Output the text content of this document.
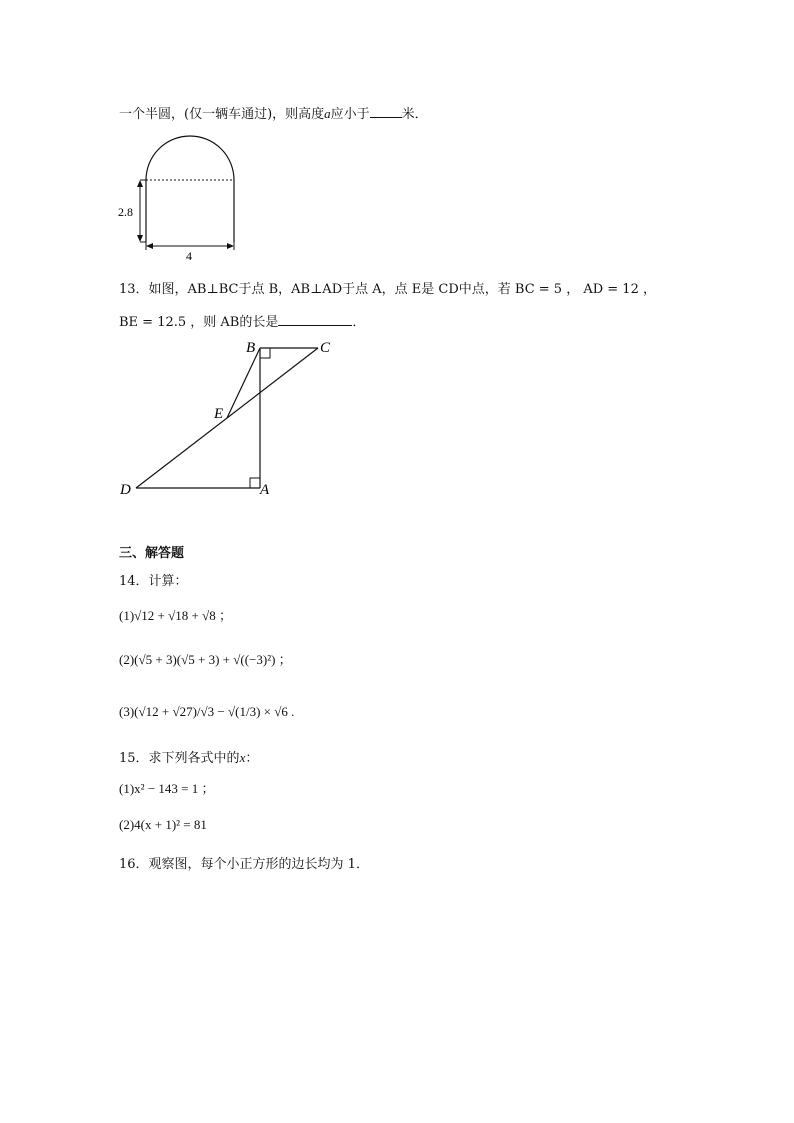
一个半圆，(仅一辆车通过)，则高度a应小于 米．
2.8
4
13．如图，AB⊥BC于点 B，AB⊥AD于点 A，点 E是 CD中点，若 BC = 5 ， AD = 12 ，
BE = 12.5 ，则 AB的长是	．
B	C
E
D	A
三、解答题
14．计算：
(1)√12 + √18 + √8 ；
(2)(√5 + 3)(√5 + 3) + √((−3)²) ；
(3)(√12 + √27)/√3 − √(1/3) × √6 .
15．求下列各式中的x：
(1)x² − 143 = 1 ；
(2)4(x + 1)² = 81
16．观察图，每个小正方形的边长均为 1．
